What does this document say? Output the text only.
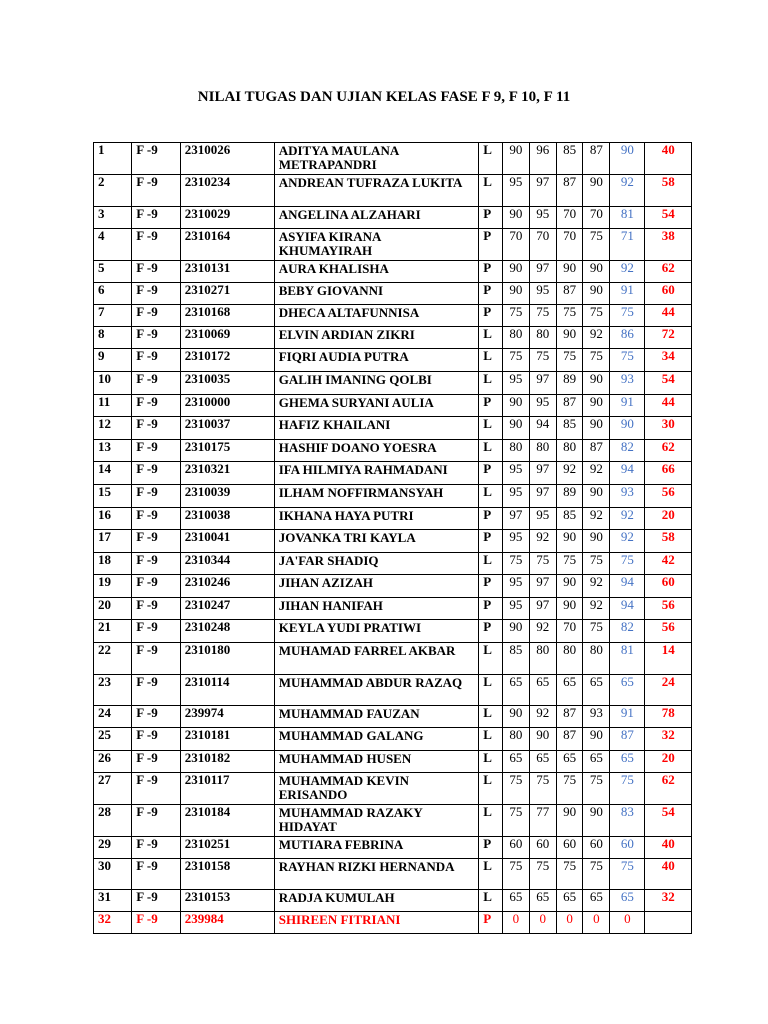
NILAI TUGAS DAN UJIAN KELAS FASE F 9, F 10, F 11
1	F -9	2310026	ADITYA MAULANA METRAPANDRI	L	90	96	85	87	90	40
2	F -9	2310234	ANDREAN TUFRAZA LUKITA	L	95	97	87	90	92	58
3	F -9	2310029	ANGELINA ALZAHARI	P	90	95	70	70	81	54
4	F -9	2310164	ASYIFA KIRANA KHUMAYIRAH	P	70	70	70	75	71	38
5	F -9	2310131	AURA KHALISHA	P	90	97	90	90	92	62
6	F -9	2310271	BEBY GIOVANNI	P	90	95	87	90	91	60
7	F -9	2310168	DHECA ALTAFUNNISA	P	75	75	75	75	75	44
8	F -9	2310069	ELVIN ARDIAN ZIKRI	L	80	80	90	92	86	72
9	F -9	2310172	FIQRI AUDIA PUTRA	L	75	75	75	75	75	34
10	F -9	2310035	GALIH IMANING QOLBI	L	95	97	89	90	93	54
11	F -9	2310000	GHEMA SURYANI AULIA	P	90	95	87	90	91	44
12	F -9	2310037	HAFIZ KHAILANI	L	90	94	85	90	90	30
13	F -9	2310175	HASHIF DOANO YOESRA	L	80	80	80	87	82	62
14	F -9	2310321	IFA HILMIYA RAHMADANI	P	95	97	92	92	94	66
15	F -9	2310039	ILHAM NOFFIRMANSYAH	L	95	97	89	90	93	56
16	F -9	2310038	IKHANA HAYA PUTRI	P	97	95	85	92	92	20
17	F -9	2310041	JOVANKA TRI KAYLA	P	95	92	90	90	92	58
18	F -9	2310344	JA'FAR SHADIQ	L	75	75	75	75	75	42
19	F -9	2310246	JIHAN AZIZAH	P	95	97	90	92	94	60
20	F -9	2310247	JIHAN HANIFAH	P	95	97	90	92	94	56
21	F -9	2310248	KEYLA YUDI PRATIWI	P	90	92	70	75	82	56
22	F -9	2310180	MUHAMAD FARREL AKBAR	L	85	80	80	80	81	14
23	F -9	2310114	MUHAMMAD ABDUR RAZAQ	L	65	65	65	65	65	24
24	F -9	239974	MUHAMMAD FAUZAN	L	90	92	87	93	91	78
25	F -9	2310181	MUHAMMAD GALANG	L	80	90	87	90	87	32
26	F -9	2310182	MUHAMMAD HUSEN	L	65	65	65	65	65	20
27	F -9	2310117	MUHAMMAD KEVIN ERISANDO	L	75	75	75	75	75	62
28	F -9	2310184	MUHAMMAD RAZAKY HIDAYAT	L	75	77	90	90	83	54
29	F -9	2310251	MUTIARA FEBRINA	P	60	60	60	60	60	40
30	F -9	2310158	RAYHAN RIZKI HERNANDA	L	75	75	75	75	75	40
31	F -9	2310153	RADJA KUMULAH	L	65	65	65	65	65	32
32	F -9	239984	SHIREEN FITRIANI	P	0	0	0	0	0	
